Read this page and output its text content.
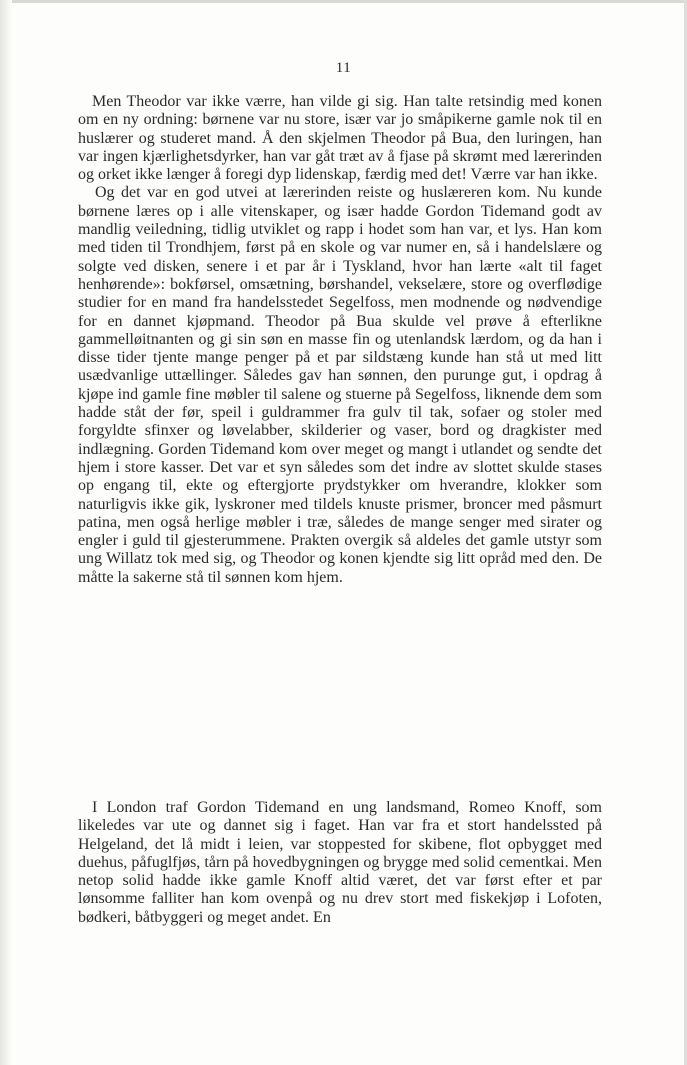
11

Men Theodor var ikke værre, han vilde gi sig. Han talte retsindig med konen om en ny ordning: børnene var nu store, især var jo småpikerne gamle nok til en huslærer og studeret mand. Å den skjelmen Theodor på Bua, den luringen, han var ingen kjærlighetsdyrker, han var gåt træt av å fjase på skrømt med lærerinden og orket ikke længer å foregi dyp lidenskap, færdig med det! Værre var han ikke.

Og det var en god utvei at lærerinden reiste og huslæreren kom. Nu kunde børnene læres op i alle vitenskaper, og især hadde Gordon Tidemand godt av mandlig veiledning, tidlig utviklet og rapp i hodet som han var, et lys. Han kom med tiden til Trondhjem, først på en skole og var numer en, så i handelslære og solgte ved disken, senere i et par år i Tyskland, hvor han lærte «alt til faget henhørende»: bokførsel, omsætning, børshandel, vekselære, store og overflødige studier for en mand fra handelsstedet Segelfoss, men modnende og nødvendige for en dannet kjøpmand. Theodor på Bua skulde vel prøve å efterlikne gammelløitnanten og gi sin søn en masse fin og utenlandsk lærdom, og da han i disse tider tjente mange penger på et par sildstæng kunde han stå ut med litt usædvanlige uttællinger. Således gav han sønnen, den purunge gut, i opdrag å kjøpe ind gamle fine møbler til salene og stuerne på Segelfoss, liknende dem som hadde ståt der før, speil i guldrammer fra gulv til tak, sofaer og stoler med forgyldte sfinxer og løvelabber, skilderier og vaser, bord og dragkister med indlægning. Gorden Tidemand kom over meget og mangt i utlandet og sendte det hjem i store kasser. Det var et syn således som det indre av slottet skulde stases op engang til, ekte og eftergjorte prydstykker om hverandre, klokker som naturligvis ikke gik, lyskroner med tildels knuste prismer, broncer med påsmurt patina, men også herlige møbler i træ, således de mange senger med sirater og engler i guld til gjesterummene. Prakten overgik så aldeles det gamle utstyr som ung Willatz tok med sig, og Theodor og konen kjendte sig litt opråd med den. De måtte la sakerne stå til sønnen kom hjem.

I London traf Gordon Tidemand en ung landsmand, Romeo Knoff, som likeledes var ute og dannet sig i faget. Han var fra et stort handelssted på Helgeland, det lå midt i leien, var stoppested for skibene, flot opbygget med duehus, påfuglfjøs, tårn på hovedbygningen og brygge med solid cementkai. Men netop solid hadde ikke gamle Knoff altid været, det var først efter et par lønsomme falliter han kom ovenpå og nu drev stort med fiskekjøp i Lofoten, bødkeri, båtbyggeri og meget andet. En
